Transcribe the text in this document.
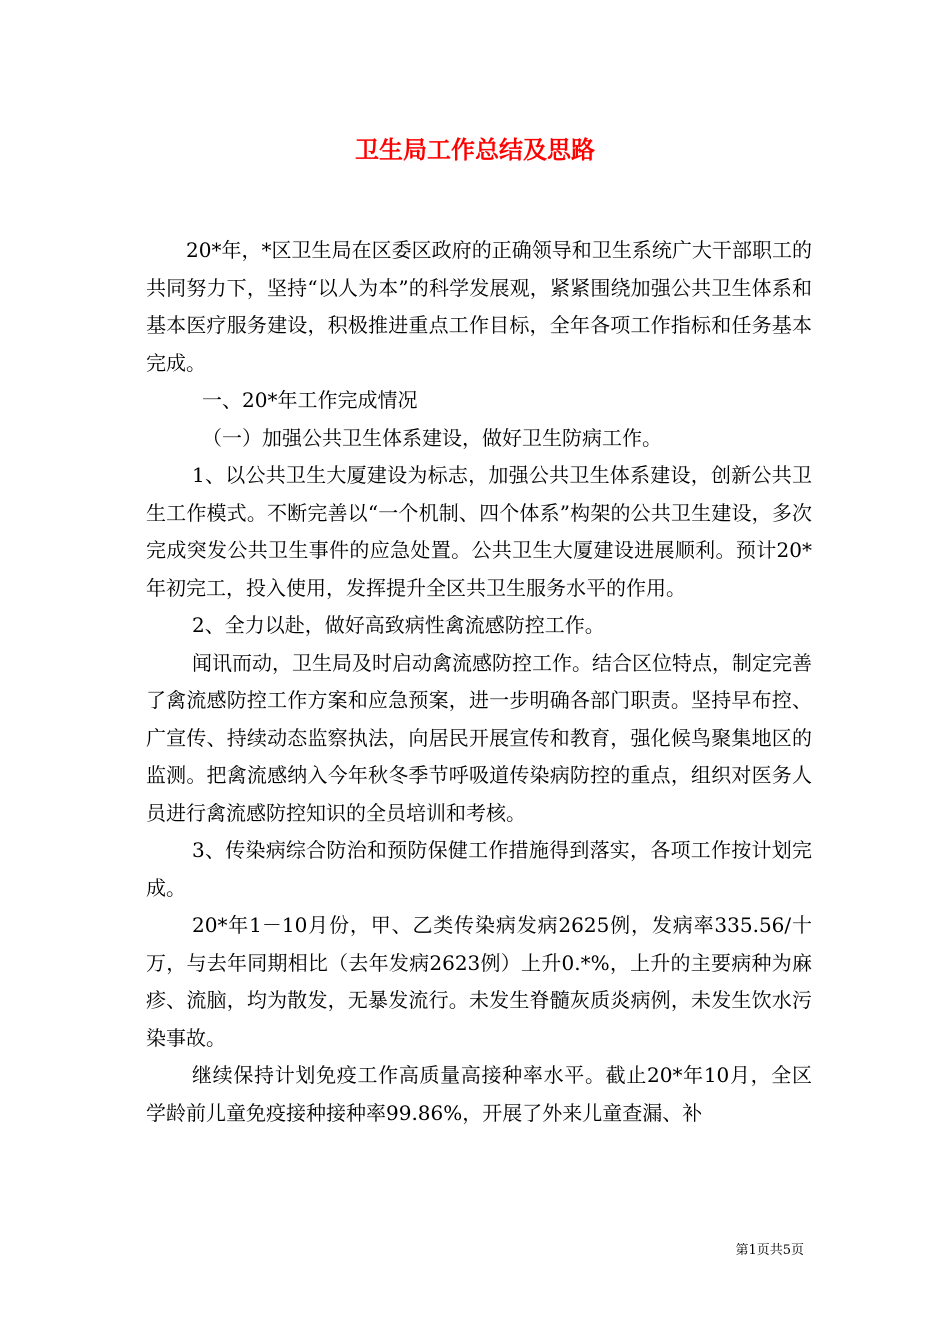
卫生局工作总结及思路

20*年，*区卫生局在区委区政府的正确领导和卫生系统广大干部职工的共同努力下，坚持“以人为本”的科学发展观，紧紧围绕加强公共卫生体系和基本医疗服务建设，积极推进重点工作目标，全年各项工作指标和任务基本完成。

一、20*年工作完成情况

（一）加强公共卫生体系建设，做好卫生防病工作。

1、以公共卫生大厦建设为标志，加强公共卫生体系建设，创新公共卫生工作模式。不断完善以“一个机制、四个体系”构架的公共卫生建设，多次完成突发公共卫生事件的应急处置。公共卫生大厦建设进展顺利。预计20*年初完工，投入使用，发挥提升全区共卫生服务水平的作用。

2、全力以赴，做好高致病性禽流感防控工作。

闻讯而动，卫生局及时启动禽流感防控工作。结合区位特点，制定完善了禽流感防控工作方案和应急预案，进一步明确各部门职责。坚持早布控、广宣传、持续动态监察执法，向居民开展宣传和教育，强化候鸟聚集地区的监测。把禽流感纳入今年秋冬季节呼吸道传染病防控的重点，组织对医务人员进行禽流感防控知识的全员培训和考核。

3、传染病综合防治和预防保健工作措施得到落实，各项工作按计划完成。

20*年1－10月份，甲、乙类传染病发病2625例，发病率335.56/十万，与去年同期相比（去年发病2623例）上升0.*%，上升的主要病种为麻疹、流脑，均为散发，无暴发流行。未发生脊髓灰质炎病例，未发生饮水污染事故。

继续保持计划免疫工作高质量高接种率水平。截止20*年10月，全区学龄前儿童免疫接种接种率99.86%，开展了外来儿童查漏、补

第1页共5页
